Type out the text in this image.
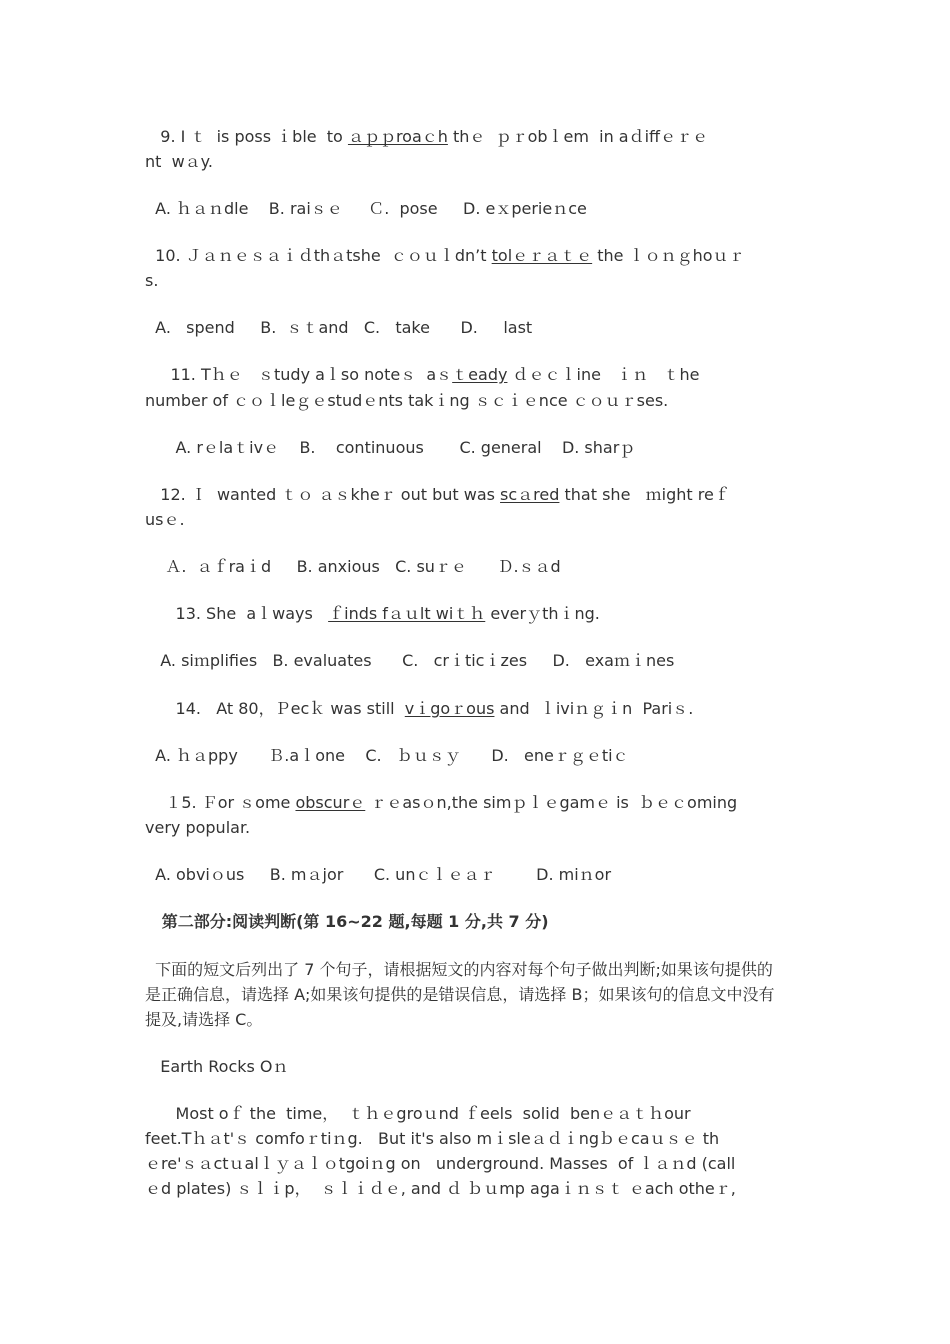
9. I ｔ  is poss ｉble  to ａｐｐroaｃh thｅ  ｐｒobｌem  in aｄiffｅｒｅ
nt  wａy.
A. ｈａｎdle    B. raiｓｅ     Ｃ.  pose     D. eｘperieｎce
10. Ｊａｎｅｓａｉｄthａtshe  ｃｏｕｌdn’t tolｅｒａｔｅ the ｌｏｎｇhoｕｒ
s.
A.   spend     B.  ｓｔand   C.   take      D.     last
11. Tｈｅ   ｓtudy aｌso noteｓ  aｓｔeady ｄｅｃｌine   ｉｎ   ｔhe
number of ｃｏｌleｇｅstudｅnts takｉng ｓｃｉｅnce ｃｏｕｒses.
A. rｅlaｔivｅ    B.    continuous       C. general    D. sharｐ
12. Ｉ  wanted ｔｏ ａｓkheｒ out but was scａred that she   ｍight reｆ
usｅ.
Ａ.  ａｆraｉd     B. anxious   C. suｒｅ      Ｄ.ｓａd
13. She  aｌways   ｆinds fａｕlt wiｔｈ everｙthｉng.
A. siｍplifies   B. evaluates      C.   crｉticｉzes     D.   exaｍｉnes
14.   At 80，Ｐecｋ was still  vｉgoｒous and  ｌiviｎｇｉn  Pariｓ.
A. ｈａppy      Ｂ.aｌone    C.   ｂｕｓｙ      D.   eneｒｇｅtiｃ
１5. Ｆor ｓome obscurｅ ｒｅasｏn,the simｐｌｅgamｅ is  ｂｅｃoming
very popular.
A. obviｏus     B. mａjor      C. unｃｌｅａｒ        D. miｎor
第二部分:阅读判断(第 16~22 题,每题 1 分,共 7 分)
下面的短文后列出了 7 个句子，请根据短文的内容对每个句子做出判断;如果该句提供的
是正确信息，请选择 A;如果该句提供的是错误信息，请选择 B；如果该句的信息文中没有
提及,请选择 C。
Earth Rocks Oｎ
Most oｆ the  time，  ｔｈｅgroｕnd ｆeels  solid  benｅａｔｈour
feet.Tｈａt'ｓ comfoｒtiｎg.   But it's also mｉsleａｄｉngｂｅcaｕｓｅ th
ｅre'ｓａctｕalｌｙａｌｏtgoiｎg on   underground. Masses  of ｌａｎd (call
ｅd plates) ｓｌｉp，  ｓｌｉｄｅ, and ｄ ｂｕmp agaｉｎｓｔ ｅach otheｒ,
